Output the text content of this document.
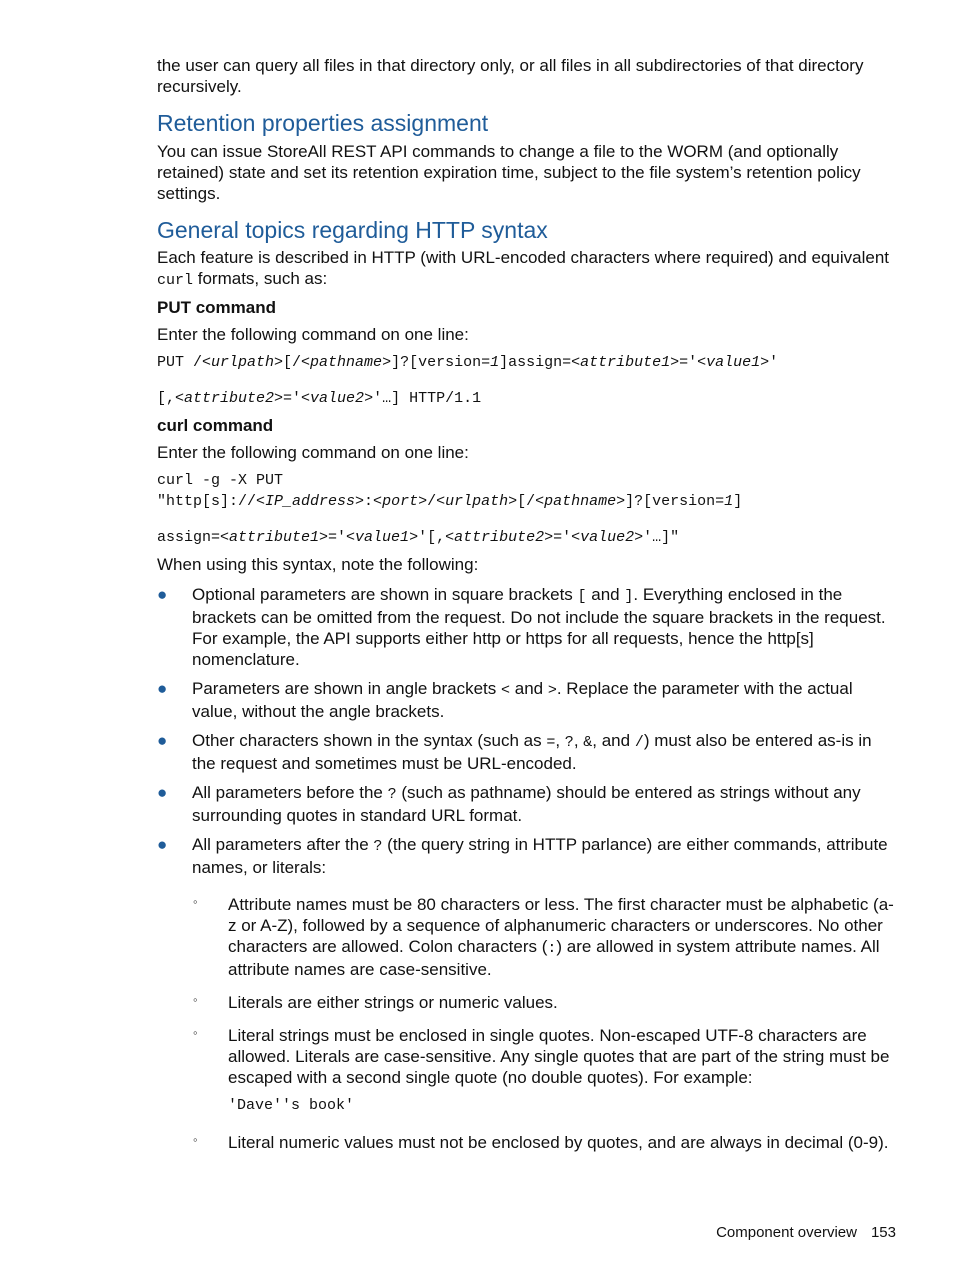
the user can query all files in that directory only, or all files in all subdirectories of that directory recursively.

Retention properties assignment

You can issue StoreAll REST API commands to change a file to the WORM (and optionally retained) state and set its retention expiration time, subject to the file system’s retention policy settings.

General topics regarding HTTP syntax

Each feature is described in HTTP (with URL-encoded characters where required) and equivalent curl formats, such as:

PUT command

Enter the following command on one line:

PUT /<urlpath>[/<pathname>]?[version=1]assign=<attribute1>='<value1>'
[,<attribute2>='<value2>'…] HTTP/1.1

curl command

Enter the following command on one line:

curl -g -X PUT
"http[s]://<IP_address>:<port>/<urlpath>[/<pathname>]?[version=1]
assign=<attribute1>='<value1>'[,<attribute2>='<value2>'…]"

When using this syntax, note the following:

● Optional parameters are shown in square brackets [ and ]. Everything enclosed in the brackets can be omitted from the request. Do not include the square brackets in the request. For example, the API supports either http or https for all requests, hence the http[s] nomenclature.
● Parameters are shown in angle brackets < and >. Replace the parameter with the actual value, without the angle brackets.
● Other characters shown in the syntax (such as =, ?, &, and /) must also be entered as-is in the request and sometimes must be URL-encoded.
● All parameters before the ? (such as pathname) should be entered as strings without any surrounding quotes in standard URL format.
● All parameters after the ? (the query string in HTTP parlance) are either commands, attribute names, or literals:
◦ Attribute names must be 80 characters or less. The first character must be alphabetic (a-z or A-Z), followed by a sequence of alphanumeric characters or underscores. No other characters are allowed. Colon characters (:) are allowed in system attribute names. All attribute names are case-sensitive.
◦ Literals are either strings or numeric values.
◦ Literal strings must be enclosed in single quotes. Non-escaped UTF-8 characters are allowed. Literals are case-sensitive. Any single quotes that are part of the string must be escaped with a second single quote (no double quotes). For example:
'Dave''s book'
◦ Literal numeric values must not be enclosed by quotes, and are always in decimal (0-9).
Component overview 153
